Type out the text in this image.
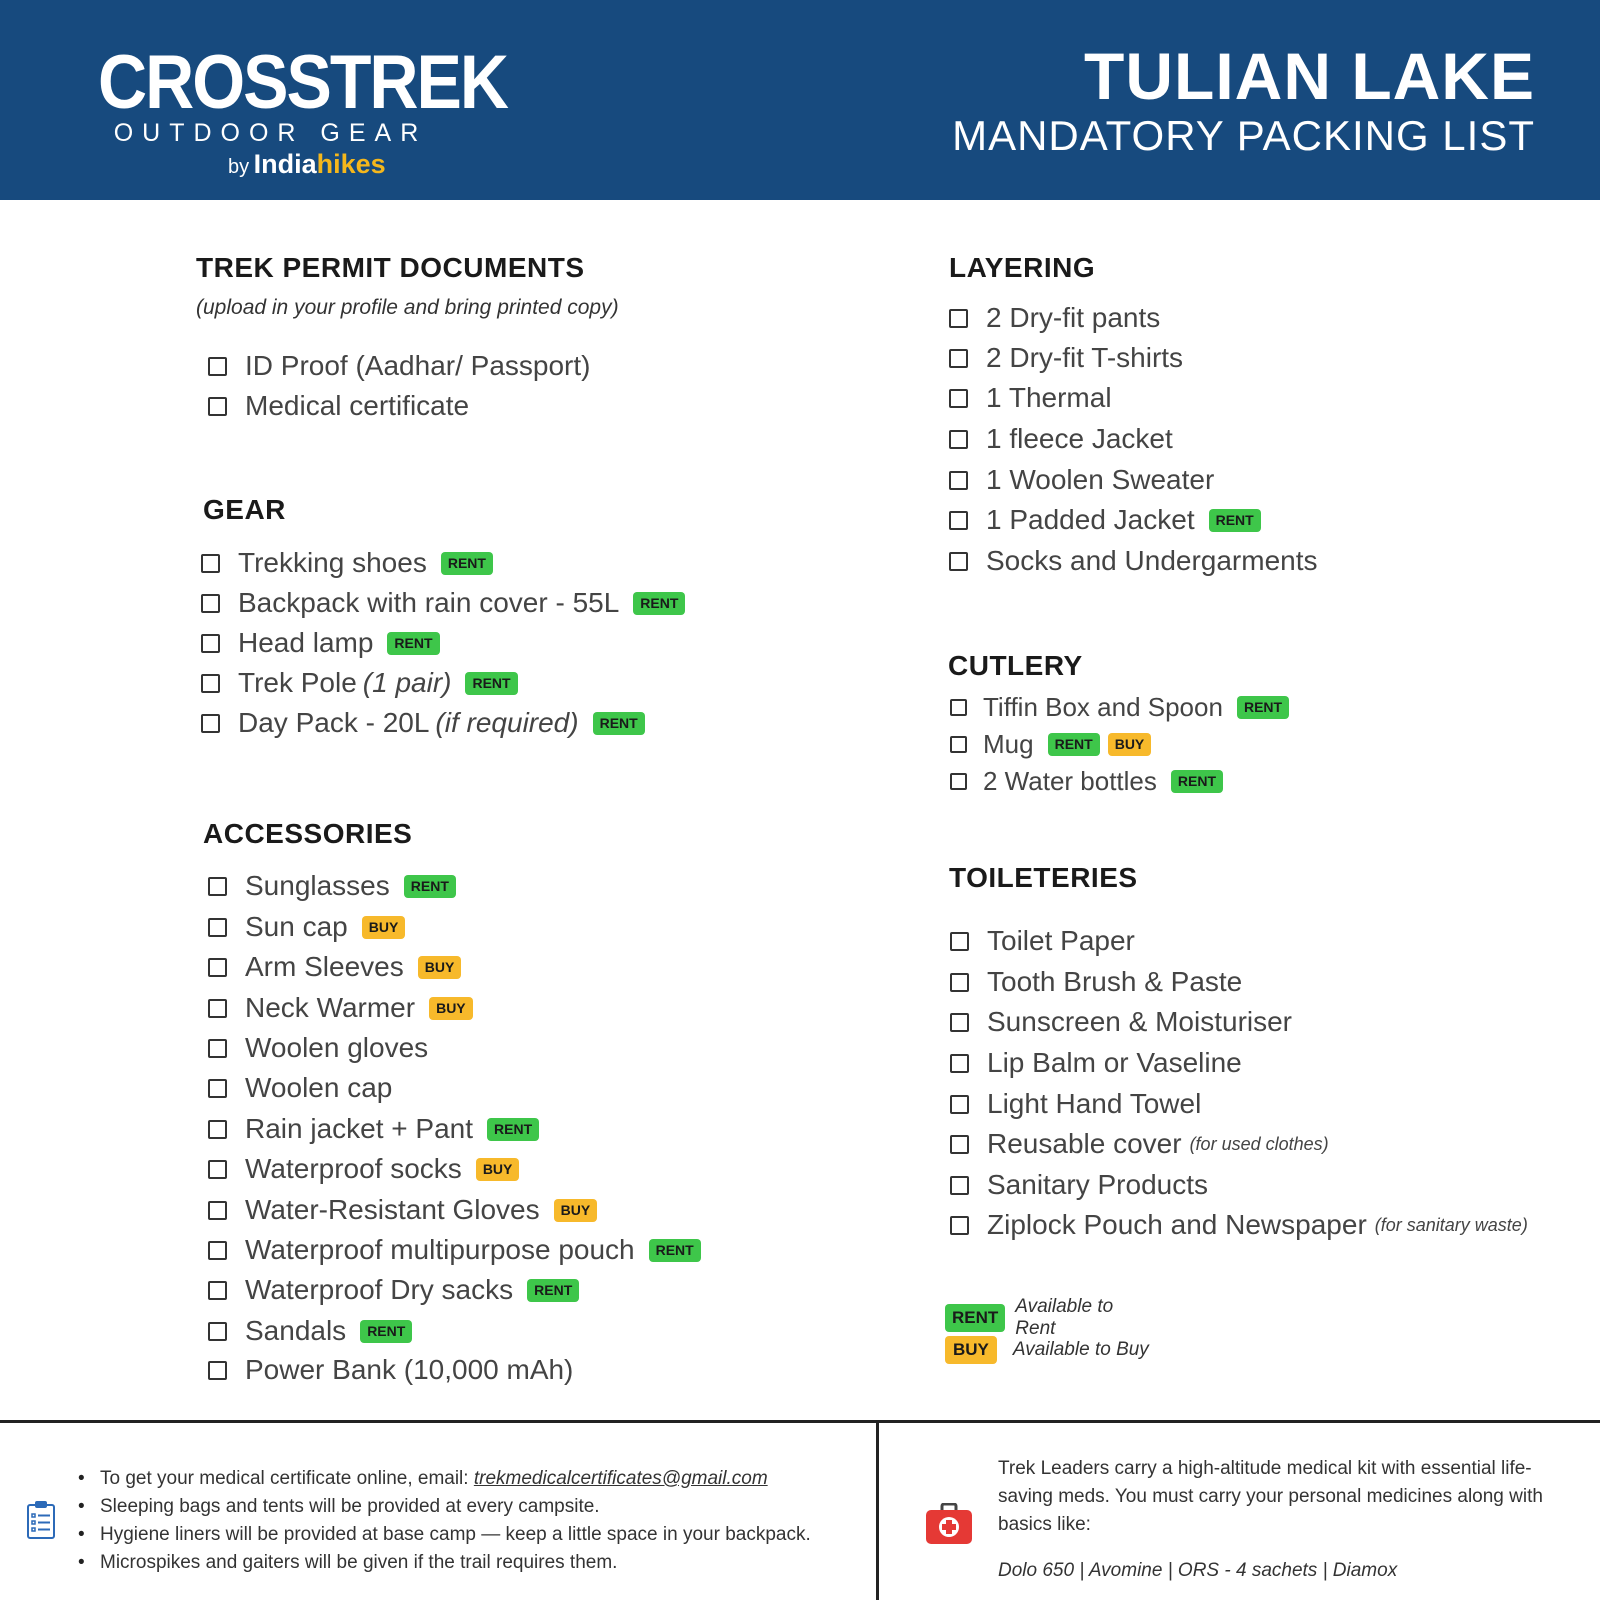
CROSSTREK
OUTDOOR GEAR
by Indiahikes
TULIAN LAKE
MANDATORY PACKING LIST
TREK PERMIT DOCUMENTS
(upload in your profile and bring printed copy)
ID Proof (Aadhar/ Passport)
Medical certificate
GEAR
Trekking shoes	RENT
Backpack with rain cover - 55L	RENT
Head lamp	RENT
Trek Pole (1 pair)	RENT
Day Pack - 20L (if required)	RENT
ACCESSORIES
Sunglasses	RENT
Sun cap	BUY
Arm Sleeves	BUY
Neck Warmer	BUY
Woolen gloves
Woolen cap
Rain jacket + Pant	RENT
Waterproof socks	BUY
Water-Resistant Gloves	BUY
Waterproof multipurpose pouch	RENT
Waterproof Dry sacks	RENT
Sandals	RENT
Power Bank (10,000 mAh)
LAYERING
2 Dry-fit pants
2 Dry-fit T-shirts
1 Thermal
1 fleece Jacket
1 Woolen Sweater
1 Padded Jacket	RENT
Socks and Undergarments
CUTLERY
Tiffin Box and Spoon	RENT
Mug	RENT	BUY
2 Water bottles	RENT
TOILETERIES
Toilet Paper
Tooth Brush & Paste
Sunscreen & Moisturiser
Lip Balm or Vaseline
Light Hand Towel
Reusable cover (for used clothes)
Sanitary Products
Ziplock Pouch and Newspaper (for sanitary waste)
RENT
Available to Rent
BUY	Available to Buy
• To get your medical certificate online, email: trekmedicalcertificates@gmail.com
• Sleeping bags and tents will be provided at every campsite.
• Hygiene liners will be provided at base camp — keep a little space in your backpack.
• Microspikes and gaiters will be given if the trail requires them.
Trek Leaders carry a high-altitude medical kit with essential life-saving meds. You must carry your personal medicines along with basics like:
Dolo 650 | Avomine | ORS - 4 sachets | Diamox
